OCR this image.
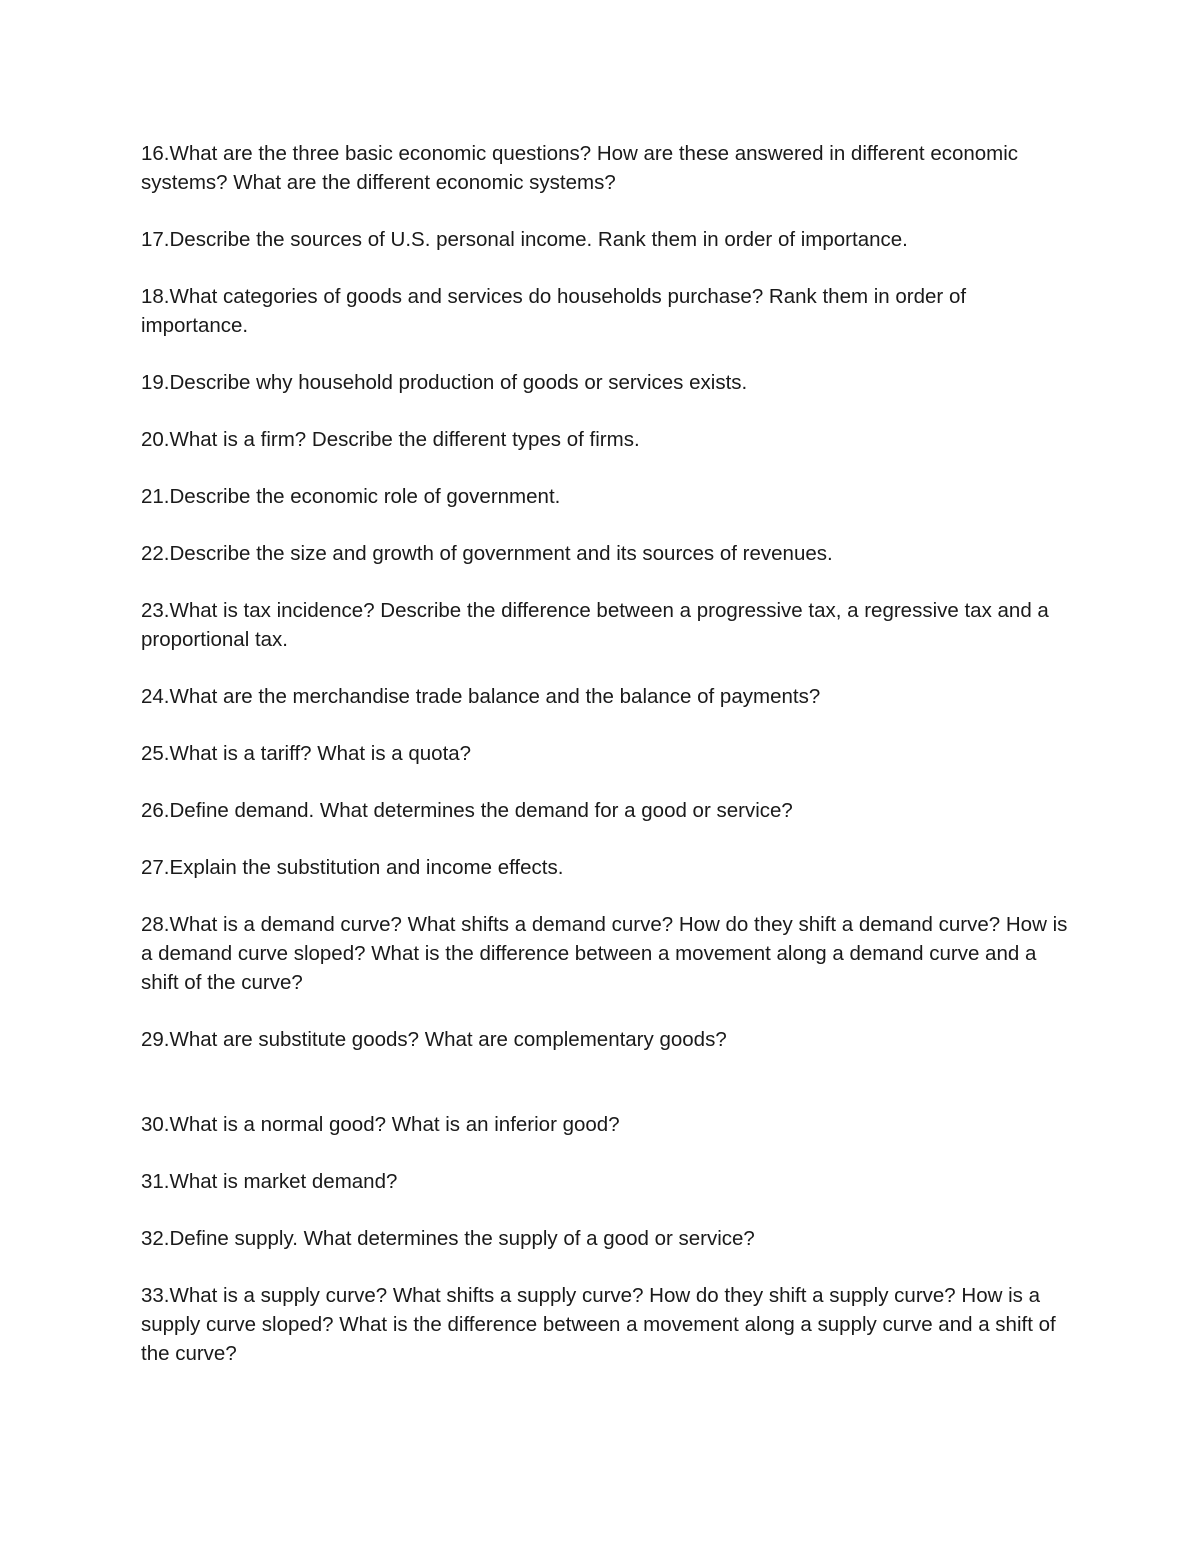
16.What are the three basic economic questions? How are these answered in different economic systems? What are the different economic systems?

17.Describe the sources of U.S. personal income. Rank them in order of importance.

18.What categories of goods and services do households purchase? Rank them in order of importance.

19.Describe why household production of goods or services exists.

20.What is a firm? Describe the different types of firms.

21.Describe the economic role of government.

22.Describe the size and growth of government and its sources of revenues.

23.What is tax incidence? Describe the difference between a progressive tax, a regressive tax and a proportional tax.

24.What are the merchandise trade balance and the balance of payments?

25.What is a tariff? What is a quota?

26.Define demand. What determines the demand for a good or service?

27.Explain the substitution and income effects.

28.What is a demand curve? What shifts a demand curve? How do they shift a demand curve? How is a demand curve sloped? What is the difference between a movement along a demand curve and a shift of the curve?

29.What are substitute goods? What are complementary goods?

30.What is a normal good? What is an inferior good?

31.What is market demand?

32.Define supply. What determines the supply of a good or service?

33.What is a supply curve? What shifts a supply curve? How do they shift a supply curve? How is a supply curve sloped? What is the difference between a movement along a supply curve and a shift of the curve?
